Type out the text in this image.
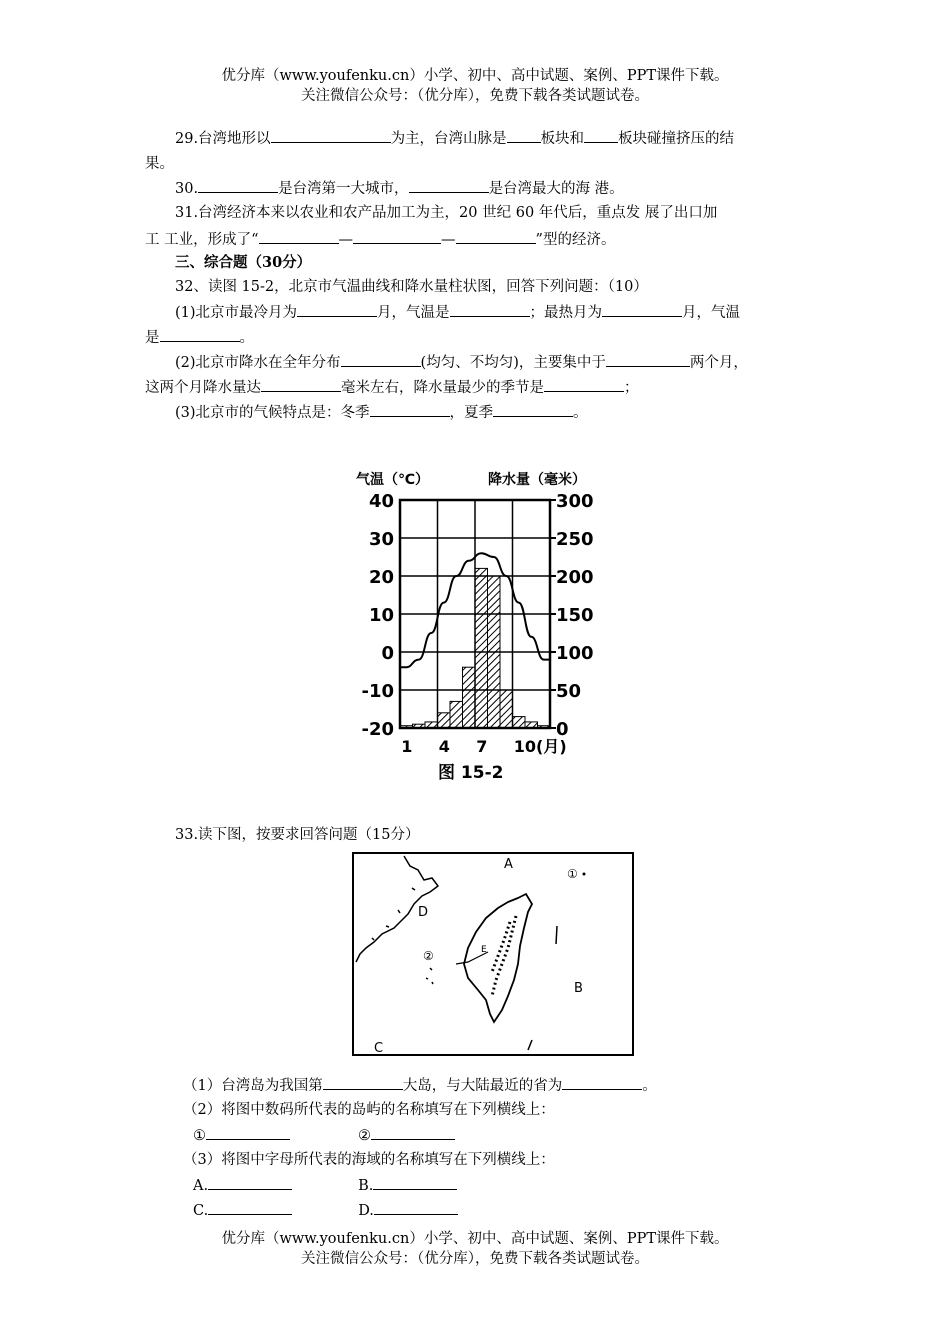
优分库（www.youfenku.cn）小学、初中、高中试题、案例、PPT课件下载。
关注微信公众号：（优分库），免费下载各类试题试卷。
29.台湾地形以	为主，台湾山脉是 板块和 板块碰撞挤压的结
果。
30.	是台湾第一大城市，	是台湾最大的海 港。
31.台湾经济本来以农业和农产品加工为主，20 世纪 60 年代后，重点发 展了出口加
工 工业，形成了“	—	—	”型的经济。
三、综合题（30分）
32、读图 15-2，北京市气温曲线和降水量柱状图，回答下列问题：（10）
(1)北京市最冷月为	月，气温是	；最热月为	月，气温
是	。
(2)北京市降水在全年分布	(均匀、不均匀)，主要集中于	两个月，
这两个月降水量达	毫米左右，降水量最少的季节是	；
(3)北京市的气候特点是：冬季	，夏季	。
气温（℃）	降水量（毫米）
40
30
20
10
0
-10
-20
300
250
200
150
100
50
0
1 4 7 10(月)
图 15-2
33.读下图，按要求回答问题（15分）
A
B
C
D
E
①
②
（1）台湾岛为我国第	大岛，与大陆最近的省为	。
（2）将图中数码所代表的岛屿的名称填写在下列横线上：
①	②
（3）将图中字母所代表的海域的名称填写在下列横线上：
A.	B.
C.	D.
优分库（www.youfenku.cn）小学、初中、高中试题、案例、PPT课件下载。
关注微信公众号：（优分库），免费下载各类试题试卷。
